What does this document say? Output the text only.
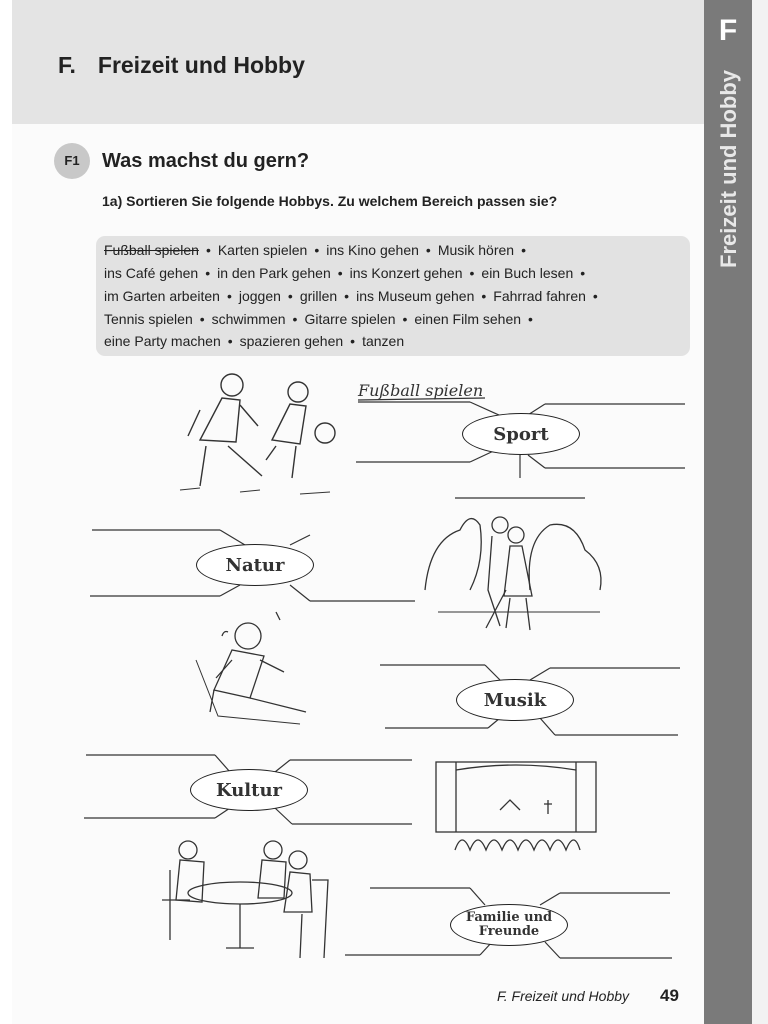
F
Freizeit und Hobby
F. Freizeit und Hobby
F1	Was machst du gern?
1a) Sortieren Sie folgende Hobbys. Zu welchem Bereich passen sie?
Fußball spielen • Karten spielen • ins Kino gehen • Musik hören •
ins Café gehen • in den Park gehen • ins Konzert gehen • ein Buch lesen •
im Garten arbeiten • joggen • grillen • ins Museum gehen • Fahrrad fahren •
Tennis spielen • schwimmen • Gitarre spielen • einen Film sehen •
eine Party machen • spazieren gehen • tanzen
Fußball spielen
Sport
Natur
Musik
Kultur
Familie und
Freunde
F. Freizeit und Hobby 49
